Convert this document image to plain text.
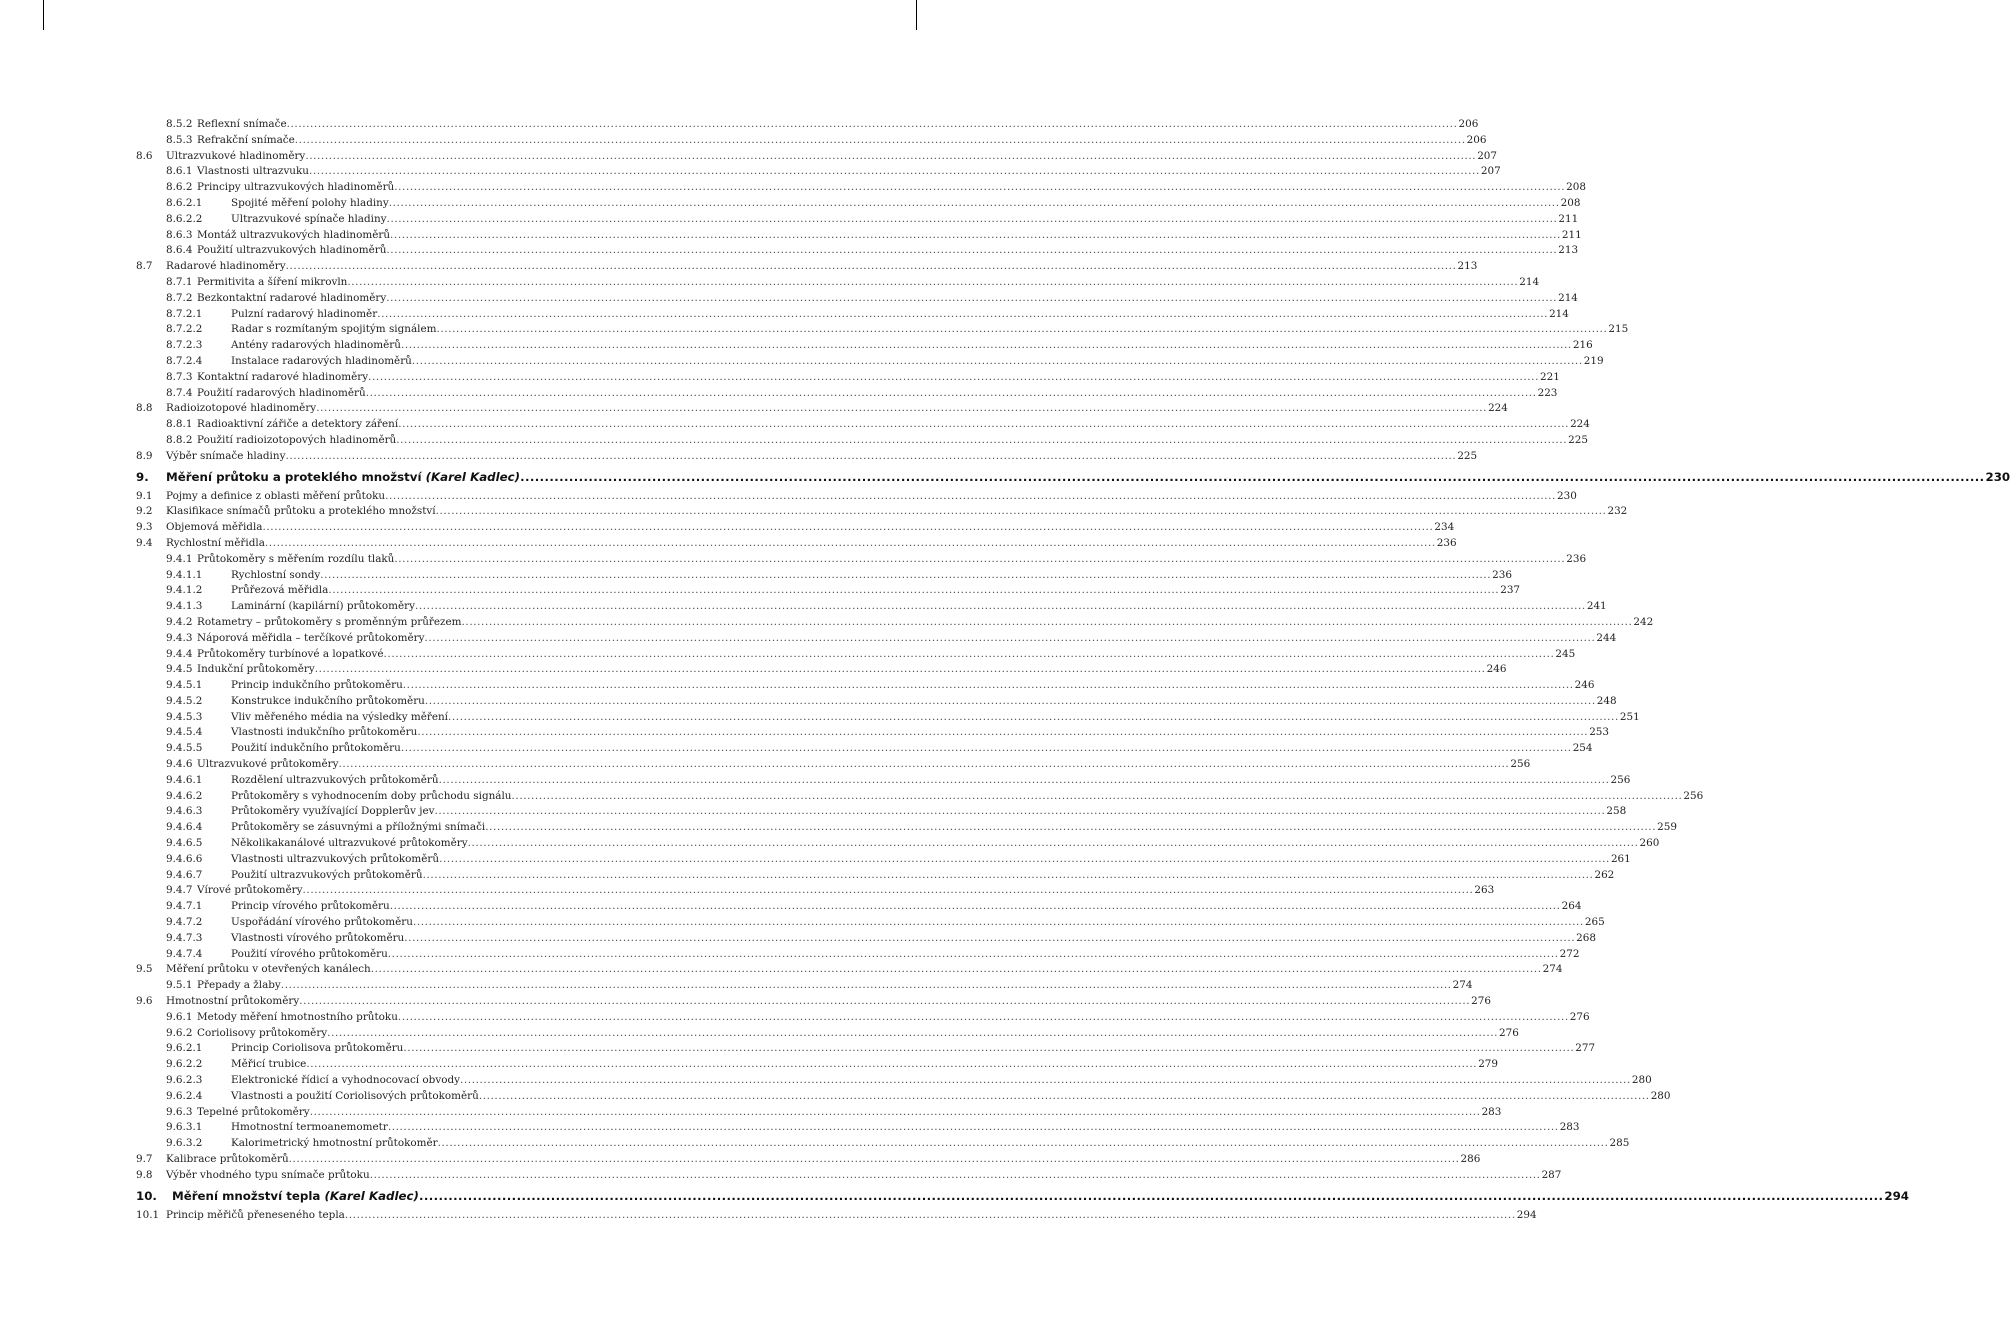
8.5.2 Reflexní snímače ............................................................................................................................................................................................................................................................................................................ 206
8.5.3 Refrakční snímače ............................................................................................................................................................................................................................................................................................................ 206
8.6 Ultrazvukové hladinoměry ............................................................................................................................................................................................................................................................................................................ 207
8.6.1 Vlastnosti ultrazvuku ............................................................................................................................................................................................................................................................................................................ 207
8.6.2 Principy ultrazvukových hladinoměrů ............................................................................................................................................................................................................................................................................................................ 208
8.6.2.1	Spojité měření polohy hladiny ............................................................................................................................................................................................................................................................................................................ 208
8.6.2.2	Ultrazvukové spínače hladiny ............................................................................................................................................................................................................................................................................................................ 211
8.6.3 Montáž ultrazvukových hladinoměrů ............................................................................................................................................................................................................................................................................................................ 211
8.6.4 Použití ultrazvukových hladinoměrů ............................................................................................................................................................................................................................................................................................................ 213
8.7 Radarové hladinoměry ............................................................................................................................................................................................................................................................................................................ 213
8.7.1 Permitivita a šíření mikrovln ............................................................................................................................................................................................................................................................................................................ 214
8.7.2 Bezkontaktní radarové hladinoměry ............................................................................................................................................................................................................................................................................................................ 214
8.7.2.1	Pulzní radarový hladinoměr ............................................................................................................................................................................................................................................................................................................ 214
8.7.2.2	Radar s rozmítaným spojitým signálem ............................................................................................................................................................................................................................................................................................................ 215
8.7.2.3	Antény radarových hladinoměrů ............................................................................................................................................................................................................................................................................................................ 216
8.7.2.4	Instalace radarových hladinoměrů ............................................................................................................................................................................................................................................................................................................ 219
8.7.3 Kontaktní radarové hladinoměry ............................................................................................................................................................................................................................................................................................................ 221
8.7.4 Použití radarových hladinoměrů ............................................................................................................................................................................................................................................................................................................ 223
8.8 Radioizotopové hladinoměry ............................................................................................................................................................................................................................................................................................................ 224
8.8.1 Radioaktivní zářiče a detektory záření ............................................................................................................................................................................................................................................................................................................ 224
8.8.2 Použití radioizotopových hladinoměrů ............................................................................................................................................................................................................................................................................................................ 225
8.9 Výběr snímače hladiny ............................................................................................................................................................................................................................................................................................................ 225
9. Měření průtoku a proteklého množství (Karel Kadlec) ............................................................................................................................................................................................................................................................................................................ 230
9.1 Pojmy a definice z oblasti měření průtoku ............................................................................................................................................................................................................................................................................................................ 230
9.2 Klasifikace snímačů průtoku a proteklého množství ............................................................................................................................................................................................................................................................................................................ 232
9.3 Objemová měřidla ............................................................................................................................................................................................................................................................................................................ 234
9.4 Rychlostní měřidla ............................................................................................................................................................................................................................................................................................................ 236
9.4.1 Průtokoměry s měřením rozdílu tlaků ............................................................................................................................................................................................................................................................................................................ 236
9.4.1.1	Rychlostní sondy ............................................................................................................................................................................................................................................................................................................ 236
9.4.1.2	Průřezová měřidla ............................................................................................................................................................................................................................................................................................................ 237
9.4.1.3	Laminární (kapilární) průtokoměry ............................................................................................................................................................................................................................................................................................................ 241
9.4.2 Rotametry – průtokoměry s proměnným průřezem ............................................................................................................................................................................................................................................................................................................ 242
9.4.3 Náporová měřidla – terčíkové průtokoměry ............................................................................................................................................................................................................................................................................................................ 244
9.4.4 Průtokoměry turbínové a lopatkové ............................................................................................................................................................................................................................................................................................................ 245
9.4.5 Indukční průtokoměry ............................................................................................................................................................................................................................................................................................................ 246
9.4.5.1	Princip indukčního průtokoměru ............................................................................................................................................................................................................................................................................................................ 246
9.4.5.2	Konstrukce indukčního průtokoměru ............................................................................................................................................................................................................................................................................................................ 248
9.4.5.3	Vliv měřeného média na výsledky měření ............................................................................................................................................................................................................................................................................................................ 251
9.4.5.4	Vlastnosti indukčního průtokoměru ............................................................................................................................................................................................................................................................................................................ 253
9.4.5.5	Použití indukčního průtokoměru ............................................................................................................................................................................................................................................................................................................ 254
9.4.6 Ultrazvukové průtokoměry ............................................................................................................................................................................................................................................................................................................ 256
9.4.6.1	Rozdělení ultrazvukových průtokoměrů ............................................................................................................................................................................................................................................................................................................ 256
9.4.6.2	Průtokoměry s vyhodnocením doby průchodu signálu ............................................................................................................................................................................................................................................................................................................ 256
9.4.6.3	Průtokoměry využívající Dopplerův jev ............................................................................................................................................................................................................................................................................................................ 258
9.4.6.4	Průtokoměry se zásuvnými a příložnými snímači ............................................................................................................................................................................................................................................................................................................ 259
9.4.6.5	Několikakanálové ultrazvukové průtokoměry ............................................................................................................................................................................................................................................................................................................ 260
9.4.6.6	Vlastnosti ultrazvukových průtokoměrů ............................................................................................................................................................................................................................................................................................................ 261
9.4.6.7	Použití ultrazvukových průtokoměrů ............................................................................................................................................................................................................................................................................................................ 262
9.4.7 Vírové průtokoměry ............................................................................................................................................................................................................................................................................................................ 263
9.4.7.1	Princip vírového průtokoměru ............................................................................................................................................................................................................................................................................................................ 264
9.4.7.2	Uspořádání vírového průtokoměru ............................................................................................................................................................................................................................................................................................................ 265
9.4.7.3	Vlastnosti vírového průtokoměru ............................................................................................................................................................................................................................................................................................................ 268
9.4.7.4	Použití vírového průtokoměru ............................................................................................................................................................................................................................................................................................................ 272
9.5 Měření průtoku v otevřených kanálech ............................................................................................................................................................................................................................................................................................................ 274
9.5.1 Přepady a žlaby ............................................................................................................................................................................................................................................................................................................ 274
9.6 Hmotnostní průtokoměry ............................................................................................................................................................................................................................................................................................................ 276
9.6.1 Metody měření hmotnostního průtoku ............................................................................................................................................................................................................................................................................................................ 276
9.6.2 Coriolisovy průtokoměry ............................................................................................................................................................................................................................................................................................................ 276
9.6.2.1	Princip Coriolisova průtokoměru ............................................................................................................................................................................................................................................................................................................ 277
9.6.2.2	Měřicí trubice ............................................................................................................................................................................................................................................................................................................ 279
9.6.2.3	Elektronické řídicí a vyhodnocovací obvody ............................................................................................................................................................................................................................................................................................................ 280
9.6.2.4	Vlastnosti a použití Coriolisových průtokoměrů ............................................................................................................................................................................................................................................................................................................ 280
9.6.3 Tepelné průtokoměry ............................................................................................................................................................................................................................................................................................................ 283
9.6.3.1	Hmotnostní termoanemometr ............................................................................................................................................................................................................................................................................................................ 283
9.6.3.2	Kalorimetrický hmotnostní průtokoměr ............................................................................................................................................................................................................................................................................................................ 285
9.7 Kalibrace průtokoměrů ............................................................................................................................................................................................................................................................................................................ 286
9.8 Výběr vhodného typu snímače průtoku ............................................................................................................................................................................................................................................................................................................ 287
10. Měření množství tepla (Karel Kadlec) ............................................................................................................................................................................................................................................................................................................ 294
10.1 Princip měřičů přeneseného tepla ............................................................................................................................................................................................................................................................................................................ 294
